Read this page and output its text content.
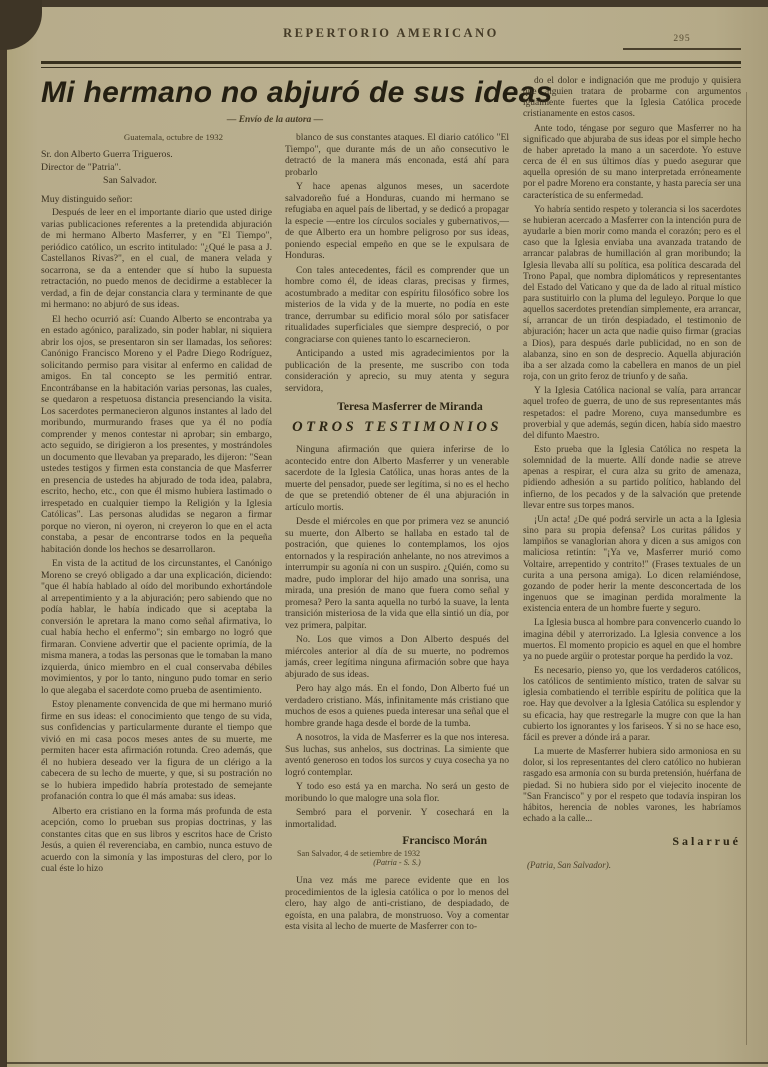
REPERTORIO AMERICANO	295
Mi hermano no abjuró de sus ideas
— Envío de la autora —
Guatemala, octubre de 1932
Sr. don Alberto Guerra Trigueros.
Director de "Patria".
San Salvador.
Muy distinguido señor:

Después de leer en el importante diario que usted dirige varias publicaciones referentes a la pretendida abjuración de mi hermano Alberto Masferrer, y en "El Tiempo", periódico católico, un escrito intitulado: "¿Qué le pasa a J. Castellanos Rivas?", en el cual, de manera velada y socarrona, se da a entender que sí hubo la supuesta retractación, no puedo menos de decidirme a establecer la verdad, a fin de dejar constancia clara y terminante de que mi hermano: no abjuró de sus ideas.

El hecho ocurrió así: Cuando Alberto se encontraba ya en estado agónico, paralizado, sin poder hablar, ni siquiera abrir los ojos, se presentaron sin ser llamadas, los señores: Canónigo Francisco Moreno y el Padre Diego Rodríguez, solicitando permiso para visitar al enfermo en calidad de amigos. En tal concepto se les permitió entrar. Encontrábanse en la habitación varias personas, las cuales, se quedaron a respetuosa distancia presenciando la visita. Los sacerdotes permanecieron algunos instantes al lado del moribundo, murmurando frases que ya él no podía comprender y menos contestar ni aprobar; sin embargo, acto seguido, se dirigieron a los presentes, y mostrándoles un documento que llevaban ya preparado, les dijeron: "Sean ustedes testigos y firmen esta constancia de que Masferrer en presencia de ustedes ha abjurado de toda idea, palabra, escrito, hecho, etc., con que él mismo hubiera lastimado o irrespetado en cualquier tiempo la Religión y la Iglesia Católicas". Las personas aludidas se negaron a firmar porque no vieron, ni oyeron, ni creyeron lo que en el acta constaba, a pesar de encontrarse todos en la pequeña habitación donde los hechos se desarrollaron.

En vista de la actitud de los circunstantes, el Canónigo Moreno se creyó obligado a dar una explicación, diciendo: "que él había hablado al oído del moribundo exhortándole al arrepentimiento y a la abjuración; pero sabiendo que no podía hablar, le había indicado que si aceptaba la conversión le apretara la mano como señal afirmativa, lo cual había hecho el enfermo"; sin embargo no logró que firmaran. Conviene advertir que el paciente oprimía, de la misma manera, a todas las personas que le tomaban la mano izquierda, único miembro en el cual conservaba débiles movimientos, y por lo tanto, ninguno pudo tomar en serio lo que alegaba el sacerdote como prueba de asentimiento.

Estoy plenamente convencida de que mi hermano murió firme en sus ideas: el conocimiento que tengo de su vida, sus confidencias y particularmente durante el tiempo que vivió en mi casa pocos meses antes de su muerte, me permiten hacer esta afirmación rotunda. Creo además, que él no hubiera deseado ver la figura de un clérigo a la cabecera de su lecho de muerte, y que, si su postración no se lo hubiera impedido habría protestado de semejante profanación contra lo que él más amaba: sus ideas.

Alberto era cristiano en la forma más profunda de esta acepción, como lo prueban sus propias doctrinas, y las constantes citas que en sus libros y escritos hace de Cristo Jesús, a quien él reverenciaba, en cambio, nunca estuvo de acuerdo con la simonía y las imposturas del clero, por lo cual éste lo hizo

blanco de sus constantes ataques. El diario católico "El Tiempo", que durante más de un año consecutivo le detractó de la manera más enconada, está ahí para probarlo

Y hace apenas algunos meses, un sacerdote salvadoreño fué a Honduras, cuando mi hermano se refugiaba en aquel país de libertad, y se dedicó a propagar la especie —entre los círculos sociales y gubernativos,— de que Alberto era un hombre peligroso por sus ideas, poniendo especial empeño en que se le expulsara de Honduras.

Con tales antecedentes, fácil es comprender que un hombre como él, de ideas claras, precisas y firmes, acostumbrado a meditar con espíritu filosófico sobre los misterios de la vida y de la muerte, no podía en este trance, derrumbar su edificio moral sólo por satisfacer ritualidades superficiales que siempre despreció, o por congraciarse con quienes tanto lo escarnecieron.

Anticipando a usted mis agradecimientos por la publicación de la presente, me suscribo con toda consideración y aprecio, su muy atenta y segura servidora,

Teresa Masferrer de Miranda
OTROS TESTIMONIOS

Ninguna afirmación que quiera inferirse de lo acontecido entre don Alberto Masferrer y un venerable sacerdote de la Iglesia Católica, unas horas antes de la muerte del pensador, puede ser legítima, si no es el hecho de que se pretendió obtener de él una abjuración in artículo mortis.

Desde el miércoles en que por primera vez se anunció su muerte, don Alberto se hallaba en estado tal de postración, que quienes lo contemplamos, los ojos entornados y la respiración anhelante, no nos atrevimos a interrumpir su agonía ni con un suspiro. ¿Quién, como su madre, pudo implorar del hijo amado una sonrisa, una mirada, una presión de mano que fuera como señal y promesa? Pero la santa aquella no turbó la suave, la lenta transición misteriosa de la vida que ella sintió un día, por vez primera, palpitar.

No. Los que vimos a Don Alberto después del miércoles anterior al día de su muerte, no podremos jamás, creer legítima ninguna afirmación sobre que haya abjurado de sus ideas.

Pero hay algo más. En el fondo, Don Alberto fué un verdadero cristiano. Más, infinitamente más cristiano que muchos de esos a quienes pueda interesar una señal que el hombre grande haga desde el borde de la tumba.

A nosotros, la vida de Masferrer es la que nos interesa. Sus luchas, sus anhelos, sus doctrinas. La simiente que aventó generoso en todos los surcos y cuya cosecha ya no logró contemplar.

Y todo eso está ya en marcha. No será un gesto de moribundo lo que malogre una sola flor.

Sembró para el porvenir. Y cosechará en la inmortalidad.

Francisco Morán
San Salvador, 4 de setiembre de 1932
(Patria - S. S.)

Una vez más me parece evidente que en los procedimientos de la iglesia católica o por lo menos del clero, hay algo de anti-cristiano, de despiadado, de egoísta, en una palabra, de monstruoso. Voy a comentar esta visita al lecho de muerte de Masferrer con to-

do el dolor e indignación que me produjo y quisiera que alguien tratara de probarme con argumentos igualmente fuertes que la Iglesia Católica procede cristianamente en estos casos.

Ante todo, téngase por seguro que Masferrer no ha significado que abjuraba de sus ideas por el simple hecho de haber apretado la mano a un sacerdote. Yo estuve cerca de él en sus últimos días y puedo asegurar que aquella opresión de su mano interpretada erróneamente por el padre Moreno era constante, y hasta parecía ser una característica de su enfermedad.

Yo habría sentido respeto y tolerancia si los sacerdotes se hubieran acercado a Masferrer con la intención pura de ayudarle a bien morir como manda el corazón; pero es el caso que la Iglesia enviaba una avanzada tratando de arrancar palabras de humillación al gran moribundo; la Iglesia llevaba allí su política, esa política descarada del Trono Papal, que nombra diplomáticos y representantes del Estado del Vaticano y que da de lado al ritual místico para sustituirlo con la pluma del leguleyo. Porque lo que aquellos sacerdotes pretendían simplemente, era arrancar, sí, arrancar de un tirón despiadado, el testimonio de abjuración; hacer un acta que nadie quiso firmar (gracias a Dios), para después darle publicidad, no en son de alabanza, sino en son de desprecio. Aquella abjuración iba a ser alzada como la cabellera en manos de un piel roja, con un grito feroz de triunfo y de saña.

Y la Iglesia Católica nacional se valía, para arrancar aquel trofeo de guerra, de uno de sus representantes más respetados: el padre Moreno, cuya mansedumbre es proverbial y que además, según dicen, había sido maestro del difunto Maestro.

Esto prueba que la Iglesia Católica no respeta la solemnidad de la muerte. Allí donde nadie se atreve apenas a respirar, el cura alza su grito de amenaza, pidiendo adhesión a su partido político, hablando del infierno, de los pecados y de la salvación que pretende llevar entre sus torpes manos.

¡Un acta! ¿De qué podrá servirle un acta a la Iglesia sino para su propia defensa? Los curitas pálidos y lampiños se vanaglorian ahora y dicen a sus amigos con maliciosa retintín: "¡Ya ve, Masferrer murió como Voltaire, arrepentido y contrito!" (Frases textuales de un curita a una persona amiga). Lo dicen relamiéndose, gozando de poder herir la mente desconcertada de los ingenuos que se imaginan perdida moralmente la existencia entera de un hombre fuerte y seguro.

La Iglesia busca al hombre para convencerlo cuando lo imagina débil y aterrorizado. La Iglesia convence a los muertos. El momento propicio es aquel en que el hombre ya no puede argüir o protestar porque ha perdido la voz.

Es necesario, pienso yo, que los verdaderos católicos, los católicos de sentimiento místico, traten de salvar su iglesia combatiendo el terrible espíritu de política que la roe. Hay que devolver a la Iglesia Católica su esplendor y su eficacia, hay que restregarle la mugre con que la han cubierto los ignorantes y los fariseos. Y si no se hace eso, fácil es prever a dónde irá a parar.

La muerte de Masferrer hubiera sido armoniosa en su dolor, si los representantes del clero católico no hubieran rasgado esa armonía con su burda pretensión, huérfana de piedad. Si no hubiera sido por el viejecito inocente de "San Francisco" y por el respeto que todavía inspiran los hábitos, herencia de nobles varones, les habríamos echado a la calle...

Salarrué
(Patria, San Salvador).
